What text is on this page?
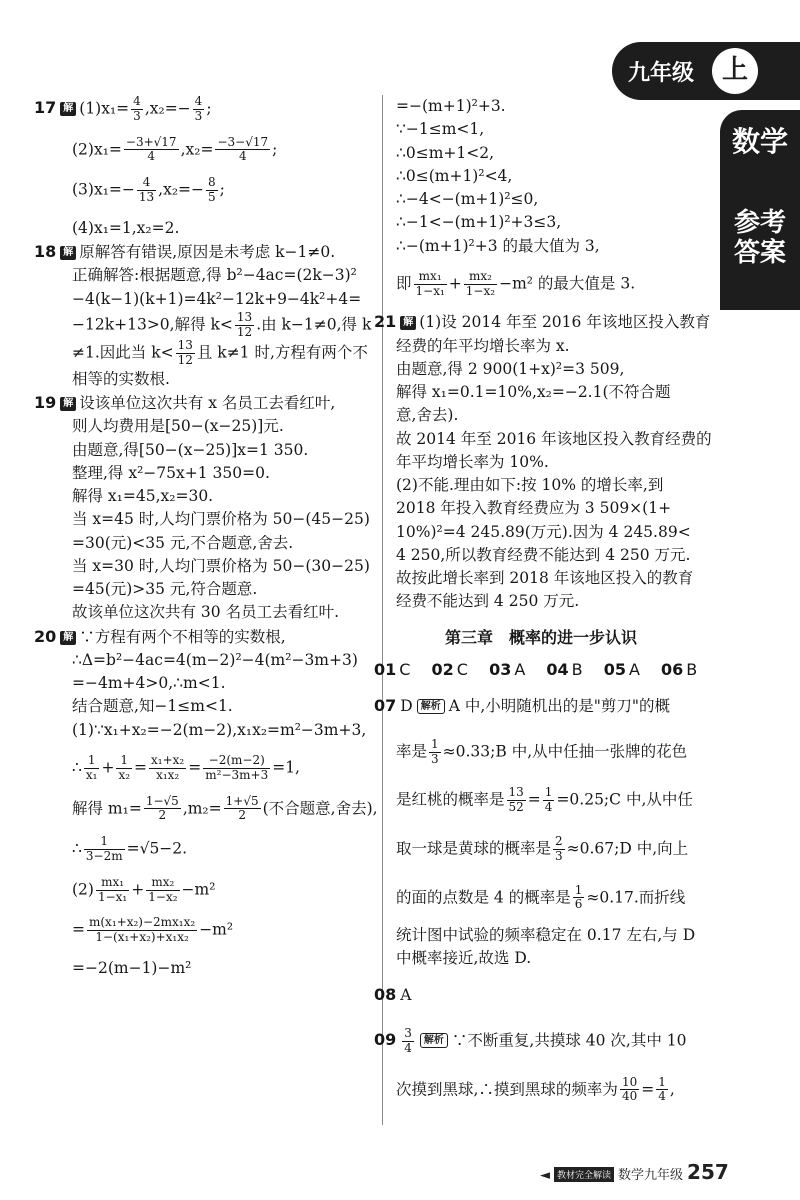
九年级	上
数学
参考答案

17 解 $(1)x_1= \frac{4}{3} ,x_2=- \frac{4}{3}$ ;

$(2)x_1= \frac{-3+√17}{4} ,x_2= \frac{-3-√17}{4}$ ;

$(3)x_1=- \frac{4}{13} ,x_2=- \frac{8}{5}$ ;

(4)x₁=1,x₂=2.

18 解 原解答有错误,原因是未考虑 k−1≠0.

正确解答:根据题意,得 b²−4ac=(2k−3)²

−4(k−1)(k+1)=4k²−12k+9−4k²+4=

−12k+13>0,解得 $k< \frac{13}{12}$ .由 k−1≠0,得 k

≠1.因此当 $k< \frac{13}{12}$ 且 k≠1 时,方程有两个不

相等的实数根.

19 解 设该单位这次共有 x 名员工去看红叶,

则人均费用是[50−(x−25)]元.

由题意,得[50−(x−25)]x=1 350.

整理,得 x²−75x+1 350=0.

解得 x₁=45,x₂=30.

当 x=45 时,人均门票价格为 50−(45−25)

=30(元)<35 元,不合题意,舍去.

当 x=30 时,人均门票价格为 50−(30−25)

=45(元)>35 元,符合题意.

故该单位这次共有 30 名员工去看红叶.

20 解 ∵方程有两个不相等的实数根,

∴Δ=b²−4ac=4(m−2)²−4(m²−3m+3)

=−4m+4>0,∴m<1.

结合题意,知−1≤m<1.

(1)∵x₁+x₂=−2(m−2),x₁x₂=m²−3m+3,

∴ $\frac{1}{\text{x₁}} + \frac{1}{\text{x₂}} = \frac{\text{x₁+x₂}}{\text{x₁x₂}} = \frac{-2(m-2)}{\text{m²−3m+3}} =1$,

解得 $m_1= \frac{1-√5}{2} ,m_2= \frac{1+√5}{2}$ (不合题意,舍去),

∴ $\frac{1}{3-2m} =√5-2$.

$(2) \frac{\text{mx₁}}{\text{1−x₁}} + \frac{\text{mx₂}}{\text{1−x₂}} -m^2$

= $\frac{\text{m(x₁+x₂)−2mx₁x₂}}{\text{1−(x₁+x₂)+x₁x₂}} -m^2$

=−2(m−1)−m²

=−(m+1)²+3.

∵−1≤m<1,

∴0≤m+1<2,

∴0≤(m+1)²<4,

∴−4<−(m+1)²≤0,

∴−1<−(m+1)²+3≤3,

∴−(m+1)²+3 的最大值为 3,

即 $\frac{\text{mx₁}}{\text{1−x₁}} + \frac{\text{mx₂}}{\text{1−x₂}} -m^2$ 的最大值是 3.

21 解 (1)设 2014 年至 2016 年该地区投入教育

经费的年平均增长率为 x.

由题意,得 2 900(1+x)²=3 509,

解得 x₁=0.1=10%,x₂=−2.1(不符合题

意,舍去).

故 2014 年至 2016 年该地区投入教育经费的

年平均增长率为 10%.

(2)不能.理由如下:按 10% 的增长率,到

2018 年投入教育经费应为 3 509×(1+

10%)²=4 245.89(万元).因为 4 245.89<

4 250,所以教育经费不能达到 4 250 万元.

故按此增长率到 2018 年该地区投入的教育

经费不能达到 4 250 万元.

第三章　概率的进一步认识

01 C 02 C 03 A 04 B 05 A 06 B

07 D 解析 A 中,小明随机出的是"剪刀"的概

率是 $\frac{1}{3}$ ≈0.33;B 中,从中任抽一张牌的花色

是红桃的概率是 $\frac{13}{52} = \frac{1}{4}$ =0.25;C 中,从中任

取一球是黄球的概率是 $\frac{2}{3}$ ≈0.67;D 中,向上

的面的点数是 4 的概率是 $\frac{1}{6} \approx 0.17$.而折线

统计图中试验的频率稳定在 0.17 左右,与 D

中概率接近,故选 D.

08 A

$09 \frac{3}{4}$ 解析 ∵不断重复,共摸球 40 次,其中 10

次摸到黑球,∴摸到黑球的频率为 $\frac{10}{40} = \frac{1}{4}$ ,

◄ 教材完全解读 数学九年级 257
